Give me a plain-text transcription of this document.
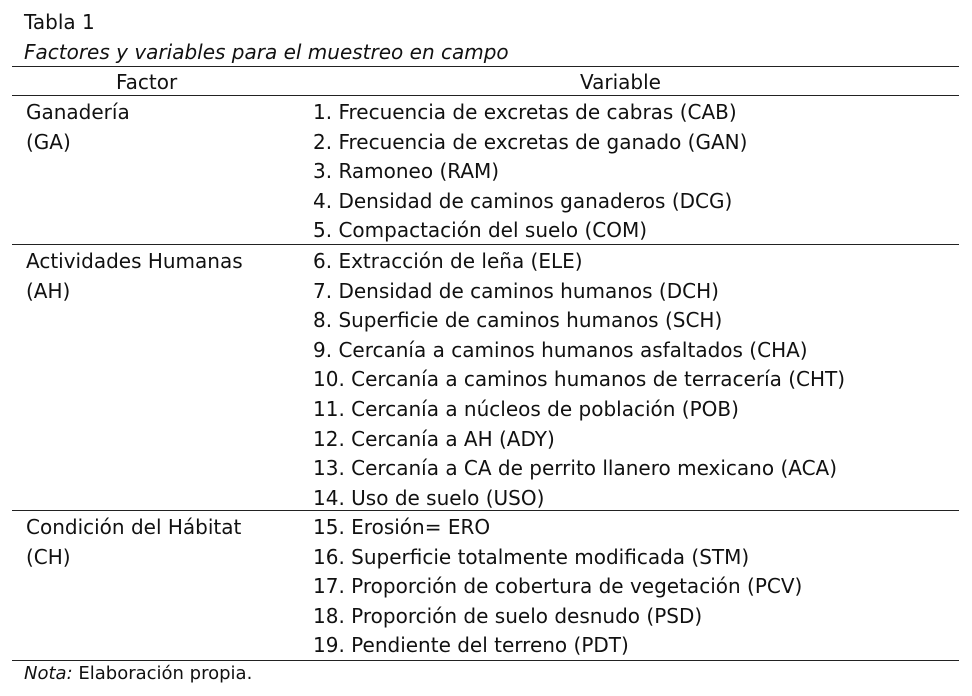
Tabla 1
Factores y variables para el muestreo en campo
Factor	Variable
Ganadería
(GA)
1. Frecuencia de excretas de cabras (CAB)
2. Frecuencia de excretas de ganado (GAN)
3. Ramoneo (RAM)
4. Densidad de caminos ganaderos (DCG)
5. Compactación del suelo (COM)
Actividades Humanas
(AH)
6. Extracción de leña (ELE)
7. Densidad de caminos humanos (DCH)
8. Superficie de caminos humanos (SCH)
9. Cercanía a caminos humanos asfaltados (CHA)
10. Cercanía a caminos humanos de terracería (CHT)
11. Cercanía a núcleos de población (POB)
12. Cercanía a AH (ADY)
13. Cercanía a CA de perrito llanero mexicano (ACA)
14. Uso de suelo (USO)
Condición del Hábitat
(CH)
15. Erosión= ERO
16. Superficie totalmente modificada (STM)
17. Proporción de cobertura de vegetación (PCV)
18. Proporción de suelo desnudo (PSD)
19. Pendiente del terreno (PDT)
Nota: Elaboración propia.
